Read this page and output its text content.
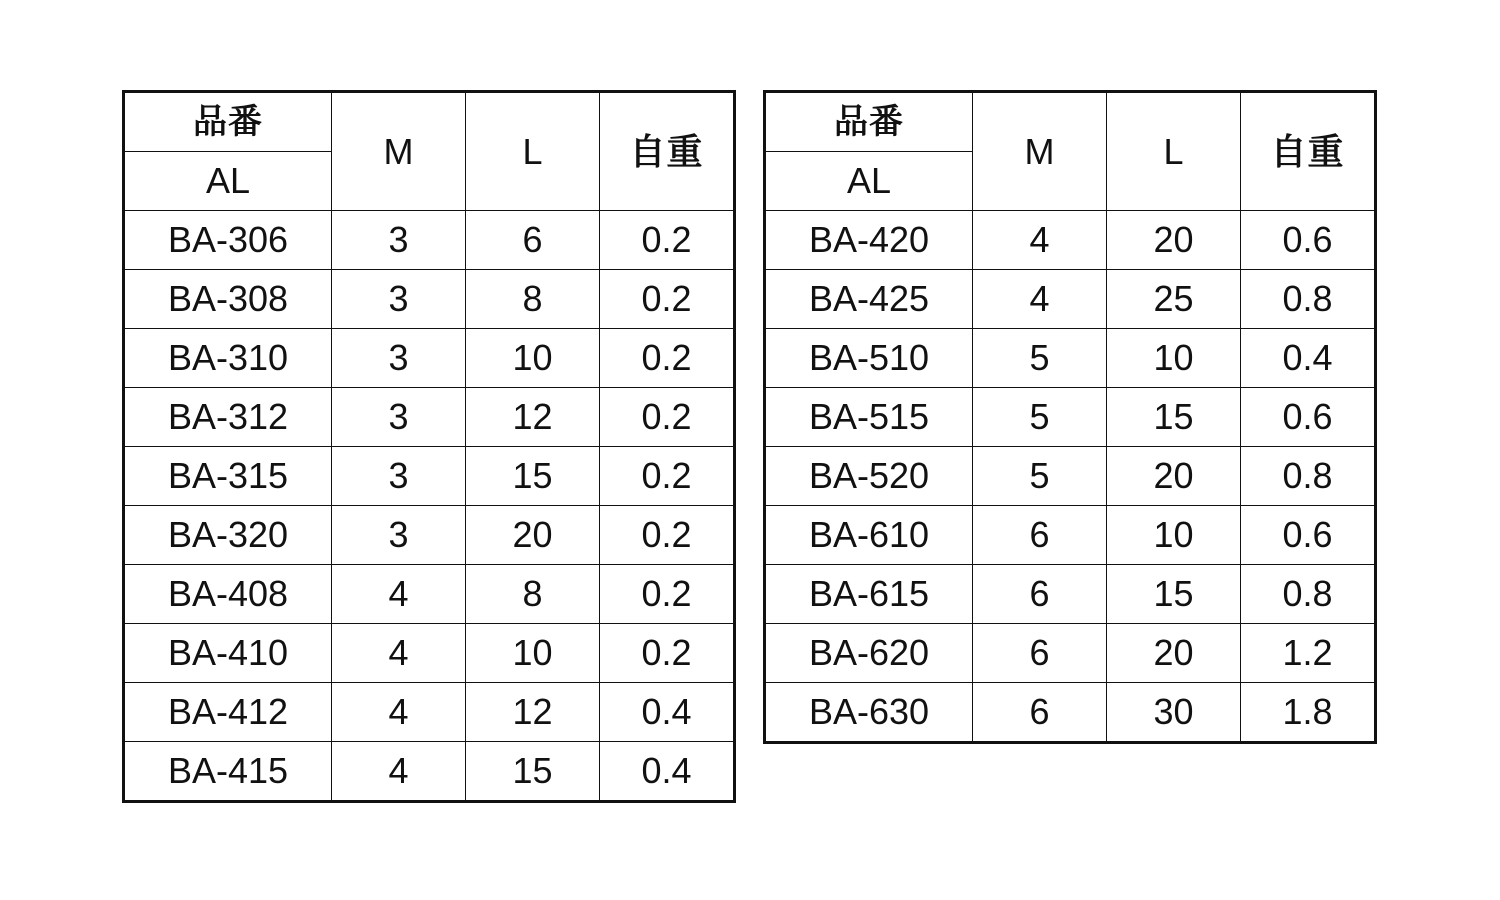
品番	M	L	自重
AL			
BA-306	3	6	0.2
BA-308	3	8	0.2
BA-310	3	10	0.2
BA-312	3	12	0.2
BA-315	3	15	0.2
BA-320	3	20	0.2
BA-408	4	8	0.2
BA-410	4	10	0.2
BA-412	4	12	0.4
BA-415	4	15	0.4
品番	M	L	自重
AL			
BA-420	4	20	0.6
BA-425	4	25	0.8
BA-510	5	10	0.4
BA-515	5	15	0.6
BA-520	5	20	0.8
BA-610	6	10	0.6
BA-615	6	15	0.8
BA-620	6	20	1.2
BA-630	6	30	1.8
